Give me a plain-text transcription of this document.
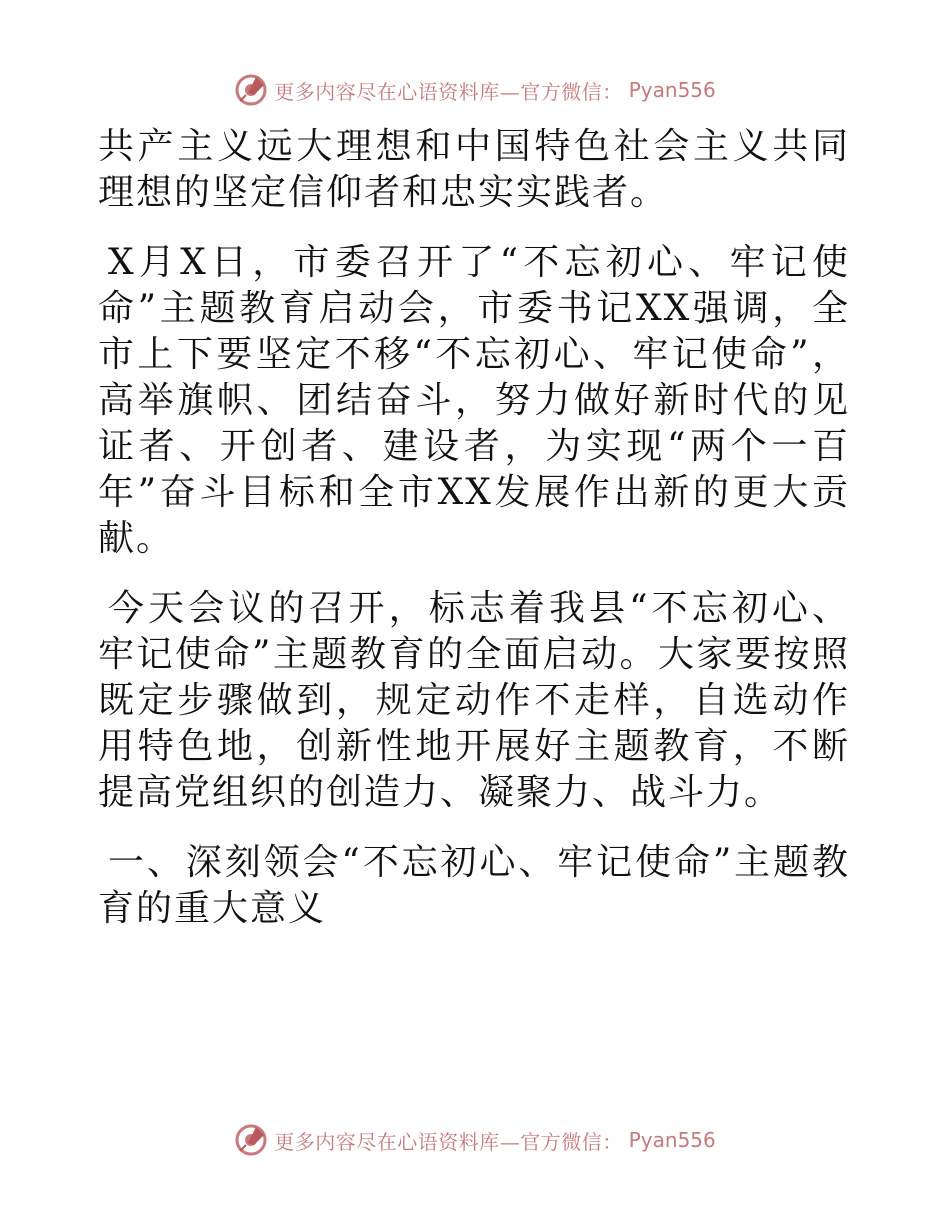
更多内容尽在心语资料库—官方微信： Pyan556

共产主义远大理想和中国特色社会主义共同理想的坚定信仰者和忠实实践者。

X月X日，市委召开了“不忘初心、牢记使命”主题教育启动会，市委书记XX强调，全市上下要坚定不移“不忘初心、牢记使命”，高举旗帜、团结奋斗，努力做好新时代的见证者、开创者、建设者，为实现“两个一百年”奋斗目标和全市XX发展作出新的更大贡献。

今天会议的召开，标志着我县“不忘初心、牢记使命”主题教育的全面启动。大家要按照既定步骤做到，规定动作不走样，自选动作用特色地，创新性地开展好主题教育，不断提高党组织的创造力、凝聚力、战斗力。

一、深刻领会“不忘初心、牢记使命”主题教育的重大意义

更多内容尽在心语资料库—官方微信： Pyan556
